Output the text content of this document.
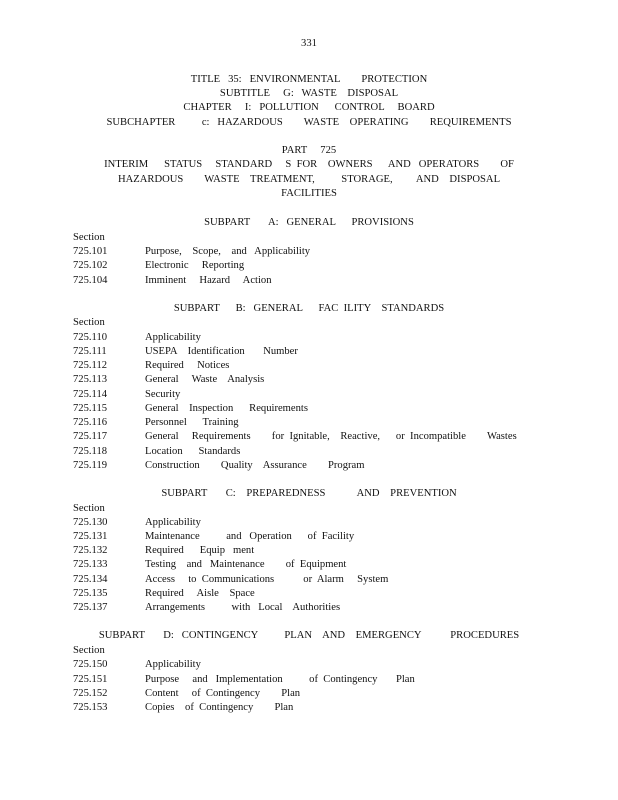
331
TITLE   35:   ENVIRONMENTAL        PROTECTION
SUBTITLE     G:   WASTE    DISPOSAL
CHAPTER     I:   POLLUTION      CONTROL     BOARD
SUBCHAPTER          c:   HAZARDOUS        WASTE    OPERATING        REQUIREMENTS
PART     725
INTERIM      STATUS     STANDARD     S  FOR    OWNERS      AND   OPERATORS        OF
HAZARDOUS        WASTE    TREATMENT,          STORAGE,         AND    DISPOSAL
FACILITIES
SUBPART       A:   GENERAL      PROVISIONS
Section
725.101	Purpose,    Scope,    and   Applicability
725.102	Electronic     Reporting
725.104	Imminent     Hazard     Action
SUBPART      B:   GENERAL      FAC  ILITY    STANDARDS
Section
725.110	Applicability
725.111	USEPA    Identification       Number
725.112	Required     Notices
725.113	General     Waste    Analysis
725.114	Security
725.115	General    Inspection      Requirements
725.116	Personnel      Training
725.117	General     Requirements        for  Ignitable,    Reactive,      or  Incompatible        Wastes
725.118	Location      Standards
725.119	Construction        Quality    Assurance        Program
SUBPART       C:    PREPAREDNESS            AND    PREVENTION
Section
725.130	Applicability
725.131	Maintenance          and   Operation      of  Facility
725.132	Required      Equip   ment
725.133	Testing    and   Maintenance        of  Equipment
725.134	Access     to  Communications           or  Alarm     System
725.135	Required     Aisle    Space
725.137	Arrangements          with   Local    Authorities
SUBPART       D:   CONTINGENCY          PLAN    AND    EMERGENCY           PROCEDURES
Section
725.150	Applicability
725.151	Purpose     and   Implementation          of  Contingency       Plan
725.152	Content     of  Contingency        Plan
725.153	Copies    of  Contingency        Plan
